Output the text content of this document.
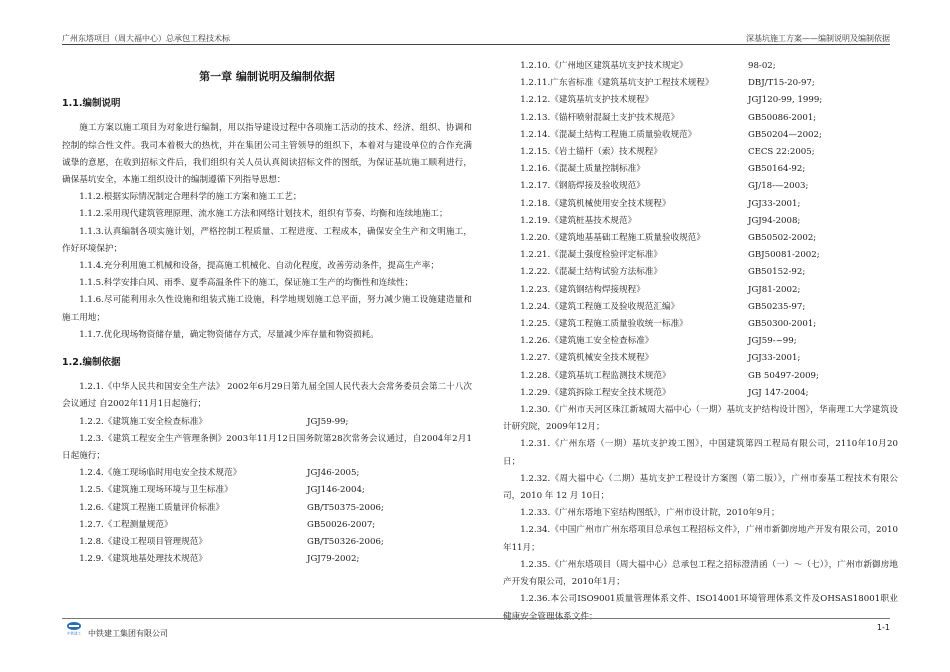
广州东塔项目（周大福中心）总承包工程技术标	深基坑施工方案——编制说明及编制依据
第一章 编制说明及编制依据
1.1.编制说明

施工方案以施工项目为对象进行编制，用以指导建设过程中各项施工活动的技术、经济、组织、协调和控制的综合性文件。我司本着极大的热枕，并在集团公司主管领导的组织下，本着对与建设单位的合作充满诚挚的意愿，在收到招标文件后，我们组织有关人员认真阅读招标文件的图纸，为保证基坑施工顺利进行，确保基坑安全，本施工组织设计的编制遵循下列指导思想：

1.1.2.根据实际情况制定合理科学的施工方案和施工工艺；

1.1.2.采用现代建筑管理原理、流水施工方法和网络计划技术，组织有节奏、均衡和连续地施工；

1.1.3.认真编制各项实施计划，严格控制工程质量、工程进度、工程成本，确保安全生产和文明施工，作好环境保护；

1.1.4.充分利用施工机械和设备，提高施工机械化、自动化程度，改善劳动条件，提高生产率；

1.1.5.科学安排白风、雨季、夏季高温条件下的施工，保证施工生产的均衡性和连续性；

1.1.6.尽可能利用永久性设施和组装式施工设施，科学地规划施工总平面，努力减少施工设施建造量和施工用地；

1.1.7.优化现场物资储存量，确定物资储存方式，尽量减少库存量和物资损耗。

1.2.编制依据

1.2.1.《中华人民共和国安全生产法》 2002年6月29日第九届全国人民代表大会常务委员会第二十八次会议通过 自2002年11月1日起施行；

1.2.2.《建筑施工安全检查标准》	JGJ59-99;

1.2.3.《建筑工程安全生产管理条例》2003年11月12日国务院第28次常务会议通过，自2004年2月1日起施行；

1.2.4.《施工现场临时用电安全技术规范》	JGJ46-2005;
1.2.5.《建筑施工现场环境与卫生标准》	JGJ146-2004;
1.2.6.《建筑工程施工质量评价标准》	GB/T50375-2006;
1.2.7.《工程测量规范》	GB50026-2007;
1.2.8.《建设工程项目管理规范》	GB/T50326-2006;
1.2.9.《建筑地基处理技术规范》	JGJ79-2002;
1.2.10.《广州地区建筑基坑支护技术规定》	98-02;
1.2.11.广东省标准《建筑基坑支护工程技术规程》	DBJ/T15-20-97;
1.2.12.《建筑基坑支护技术规程》	JGJ120-99, 1999;
1.2.13.《锚杆喷射混凝土支护技术规范》	GB50086-2001;
1.2.14.《混凝土结构工程施工质量验收规范》	GB50204—2002;
1.2.15.《岩土锚杆（索）技术规程》	CECS 22:2005;
1.2.16.《混凝土质量控制标准》	GB50164-92;
1.2.17.《钢筋焊接及验收规范》	GJ/18-—2003;
1.2.18.《建筑机械使用安全技术规程》	JGJ33-2001;
1.2.19.《建筑桩基技术规范》	JGJ94-2008;
1.2.20.《建筑地基基础工程施工质量验收规范》	GB50502-2002;
1.2.21.《混凝土强度检验评定标准》	GBJ50081-2002;
1.2.22.《混凝土结构试验方法标准》	GB50152-92;
1.2.23.《建筑钢结构焊接规程》	JGJ81-2002;
1.2.24.《建筑工程施工及验收规范汇编》	GB50235-97;
1.2.25.《建筑工程施工质量验收统一标准》	GB50300-2001;
1.2.26.《建筑施工安全检查标准》	JGJ59-~99;
1.2.27.《建筑机械安全技术规程》	JGJ33-2001;
1.2.28.《建筑基坑工程监测技术规范》	GB 50497-2009;
1.2.29.《建筑拆除工程安全技术规范》	JGJ 147-2004;

1.2.30.《广州市天河区珠江新城周大福中心（一期）基坑支护结构设计图》，华南理工大学建筑设计研究院，2009年12月；

1.2.31.《广州东塔（一期）基坑支护竣工图》，中国建筑第四工程局有限公司，2110年10月20日；

1.2.32.《周大福中心（二期）基坑支护工程设计方案图（第二版）》，广州市泰基工程技术有限公司，2010 年 12 月 10日；

1.2.33.《广州东塔地下室结构图纸》，广州市设计院，2010年9月；

1.2.34.《中国广州市广州东塔项目总承包工程招标文件》，广州市新御房地产开发有限公司，2010年11月；

1.2.35.《广州东塔项目（周大福中心）总承包工程之招标澄清函（一）～（七）》，广州市新御房地产开发有限公司，2010年1月；

1.2.36.本公司ISO9001质量管理体系文件、ISO14001环境管理体系文件及OHSAS18001职业健康安全管理体系文件；

中铁建工 中铁建工集团有限公司
1-1
